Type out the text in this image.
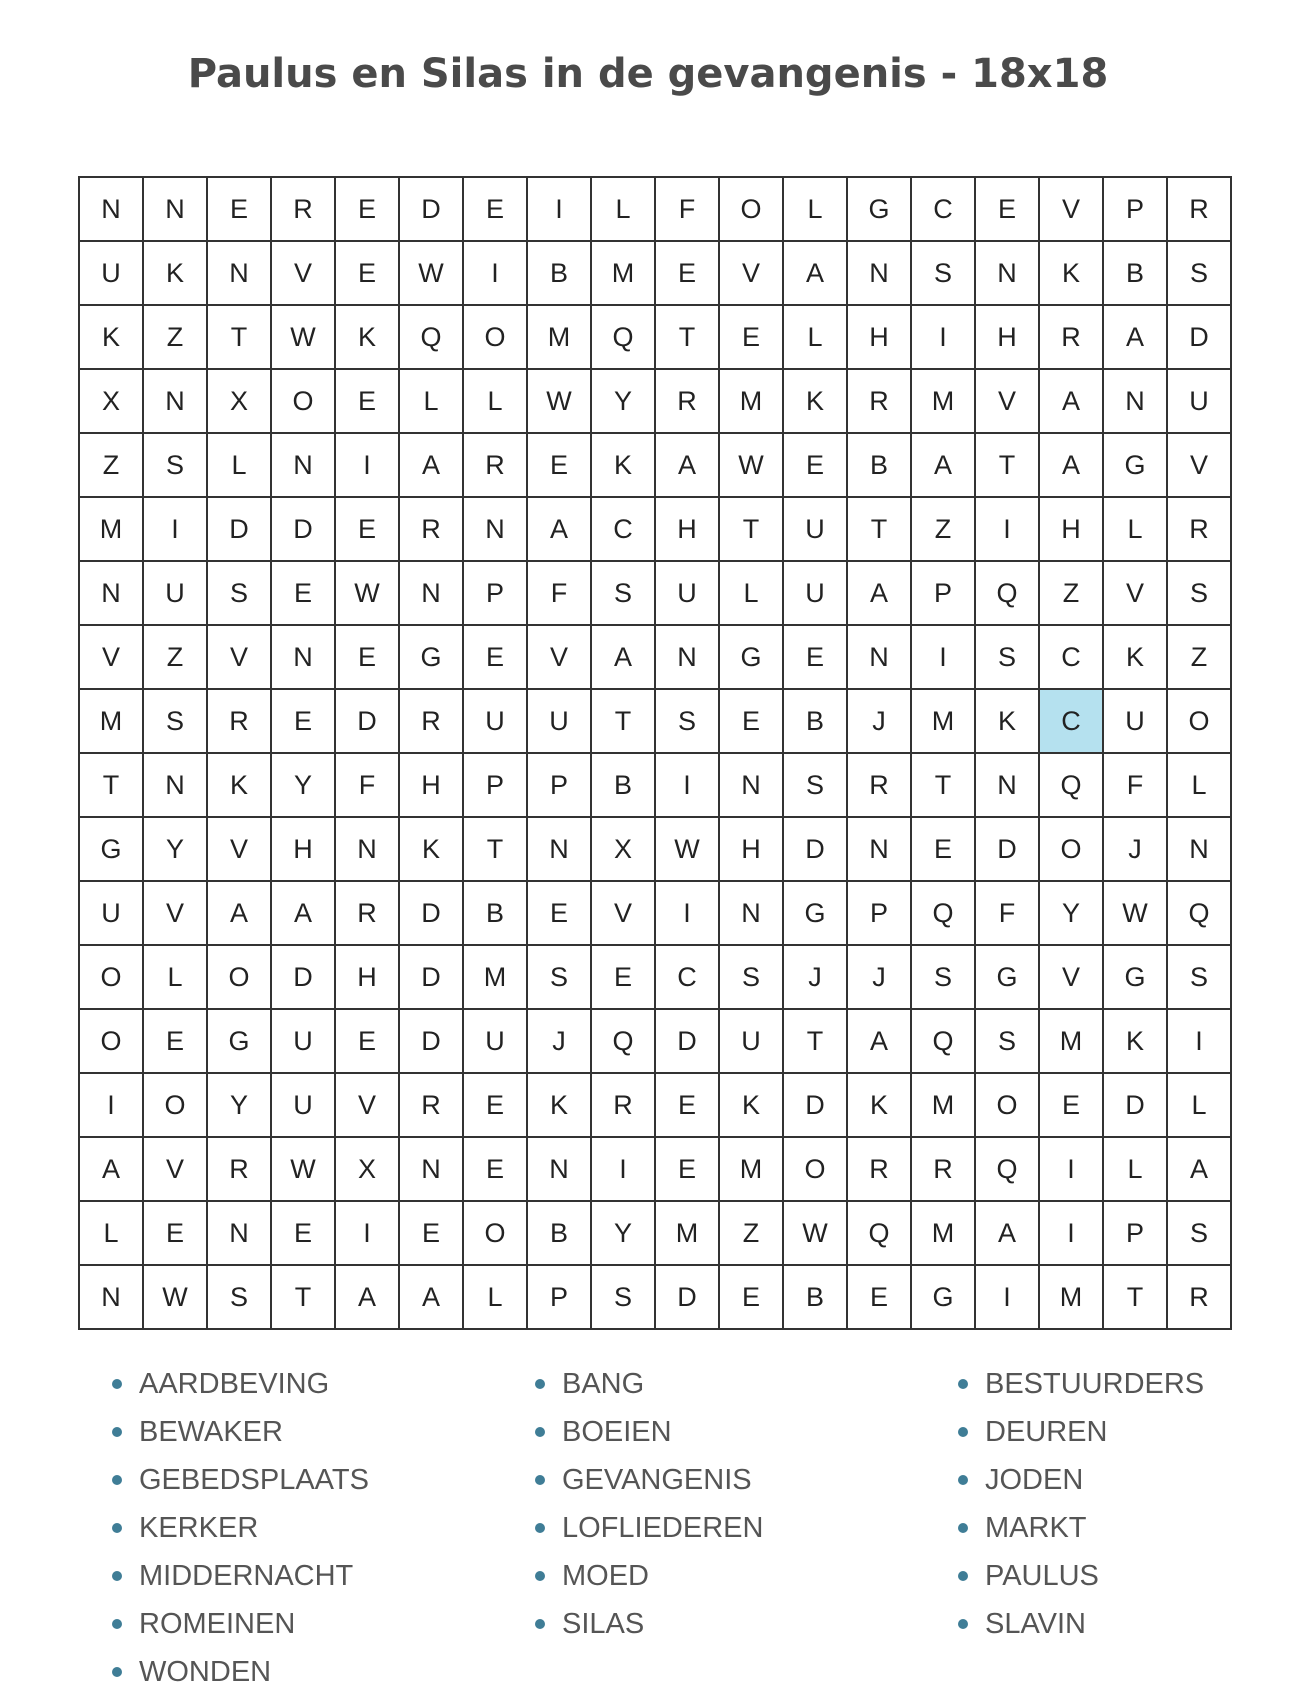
Paulus en Silas in de gevangenis - 18x18
N	N	E	R	E	D	E	I	L	F	O	L	G	C	E	V	P	R
U	K	N	V	E	W	I	B	M	E	V	A	N	S	N	K	B	S
K	Z	T	W	K	Q	O	M	Q	T	E	L	H	I	H	R	A	D
X	N	X	O	E	L	L	W	Y	R	M	K	R	M	V	A	N	U
Z	S	L	N	I	A	R	E	K	A	W	E	B	A	T	A	G	V
M	I	D	D	E	R	N	A	C	H	T	U	T	Z	I	H	L	R
N	U	S	E	W	N	P	F	S	U	L	U	A	P	Q	Z	V	S
V	Z	V	N	E	G	E	V	A	N	G	E	N	I	S	C	K	Z
M	S	R	E	D	R	U	U	T	S	E	B	J	M	K	C	U	O
T	N	K	Y	F	H	P	P	B	I	N	S	R	T	N	Q	F	L
G	Y	V	H	N	K	T	N	X	W	H	D	N	E	D	O	J	N
U	V	A	A	R	D	B	E	V	I	N	G	P	Q	F	Y	W	Q
O	L	O	D	H	D	M	S	E	C	S	J	J	S	G	V	G	S
O	E	G	U	E	D	U	J	Q	D	U	T	A	Q	S	M	K	I
I	O	Y	U	V	R	E	K	R	E	K	D	K	M	O	E	D	L
A	V	R	W	X	N	E	N	I	E	M	O	R	R	Q	I	L	A
L	E	N	E	I	E	O	B	Y	M	Z	W	Q	M	A	I	P	S
N	W	S	T	A	A	L	P	S	D	E	B	E	G	I	M	T	R
AARDBEVING	BANG	BESTUURDERS
BEWAKER	BOEIEN	DEUREN
GEBEDSPLAATS	GEVANGENIS	JODEN
KERKER	LOFLIEDEREN	MARKT
MIDDERNACHT	MOED	PAULUS
ROMEINEN	SILAS	SLAVIN
WONDEN
